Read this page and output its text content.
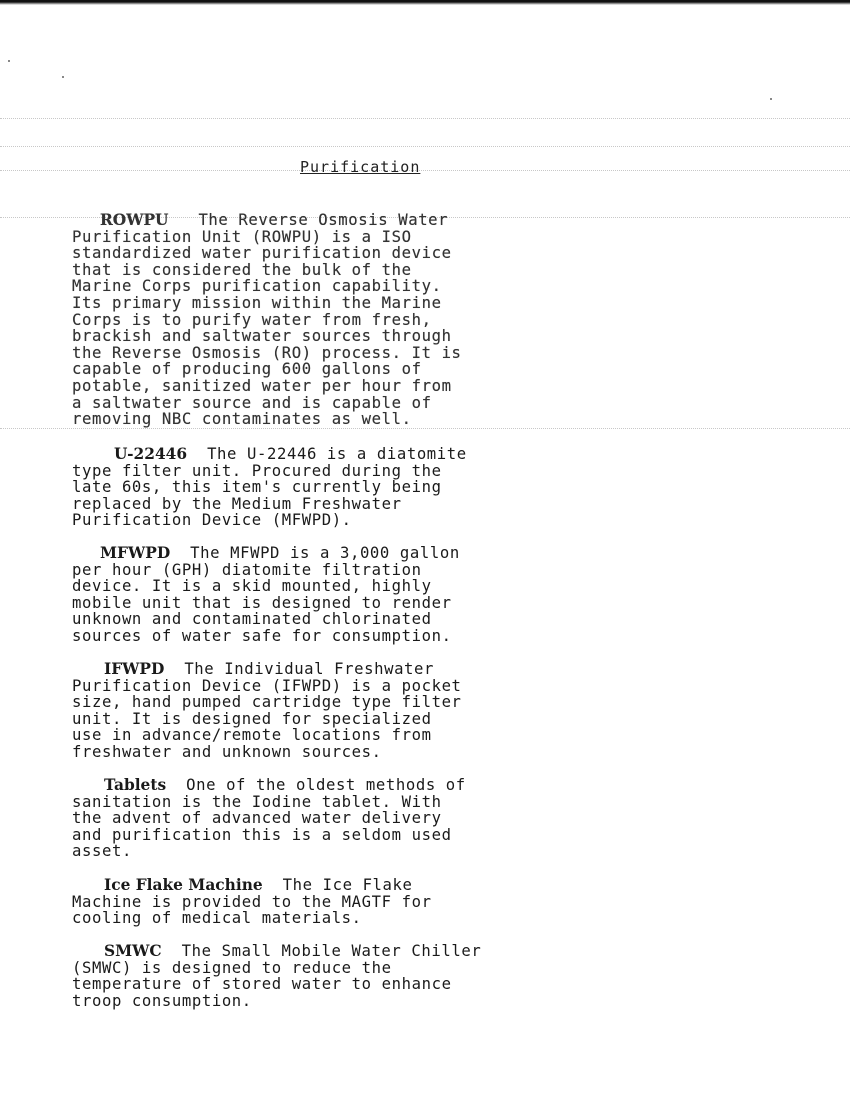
Purification
ROWPU   The Reverse Osmosis Water
Purification Unit (ROWPU) is a ISO
standardized water purification device
that is considered the bulk of the
Marine Corps purification capability.
Its primary mission within the Marine
Corps is to purify water from fresh,
brackish and saltwater sources through
the Reverse Osmosis (RO) process. It is
capable of producing 600 gallons of
potable, sanitized water per hour from
a saltwater source and is capable of
removing NBC contaminates as well.
U-22446  The U-22446 is a diatomite
type filter unit. Procured during the
late 60s, this item's currently being
replaced by the Medium Freshwater
Purification Device (MFWPD).
MFWPD  The MFWPD is a 3,000 gallon
per hour (GPH) diatomite filtration
device. It is a skid mounted, highly
mobile unit that is designed to render
unknown and contaminated chlorinated
sources of water safe for consumption.
IFWPD  The Individual Freshwater
Purification Device (IFWPD) is a pocket
size, hand pumped cartridge type filter
unit. It is designed for specialized
use in advance/remote locations from
freshwater and unknown sources.
Tablets  One of the oldest methods of
sanitation is the Iodine tablet. With
the advent of advanced water delivery
and purification this is a seldom used
asset.
Ice Flake Machine  The Ice Flake
Machine is provided to the MAGTF for
cooling of medical materials.
SMWC  The Small Mobile Water Chiller
(SMWC) is designed to reduce the
temperature of stored water to enhance
troop consumption.
